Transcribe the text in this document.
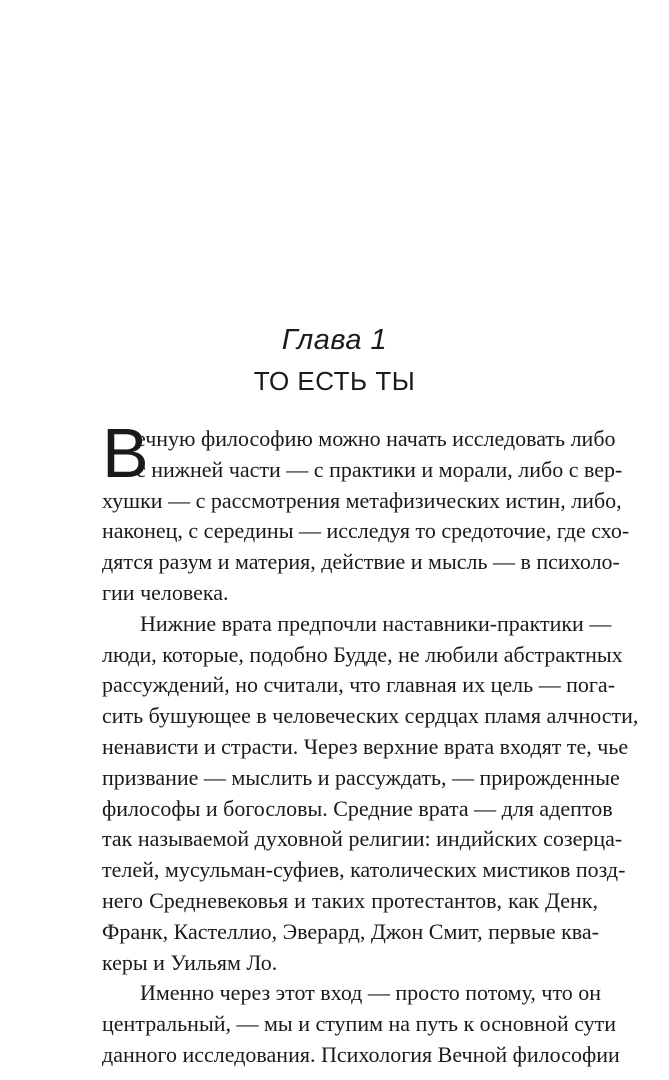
Глава 1
ТО ЕСТЬ ТЫ
В
ечную философию можно начать исследовать либо
с нижней части — с практики и морали, либо с вер-
хушки — с рассмотрения метафизических истин, либо,
наконец, с середины — исследуя то средоточие, где схо-
дятся разум и материя, действие и мысль — в психоло-
гии человека.
Нижние врата предпочли наставники-практики —
люди, которые, подобно Будде, не любили абстрактных
рассуждений, но считали, что главная их цель — пога-
сить бушующее в человеческих сердцах пламя алчности,
ненависти и страсти. Через верхние врата входят те, чье
призвание — мыслить и рассуждать, — прирожденные
философы и богословы. Средние врата — для адептов
так называемой духовной религии: индийских созерца-
телей, мусульман-суфиев, католических мистиков позд-
него Средневековья и таких протестантов, как Денк,
Франк, Кастеллио, Эверард, Джон Смит, первые ква-
керы и Уильям Ло.
Именно через этот вход — просто потому, что он
центральный, — мы и ступим на путь к основной сути
данного исследования. Психология Вечной философии
